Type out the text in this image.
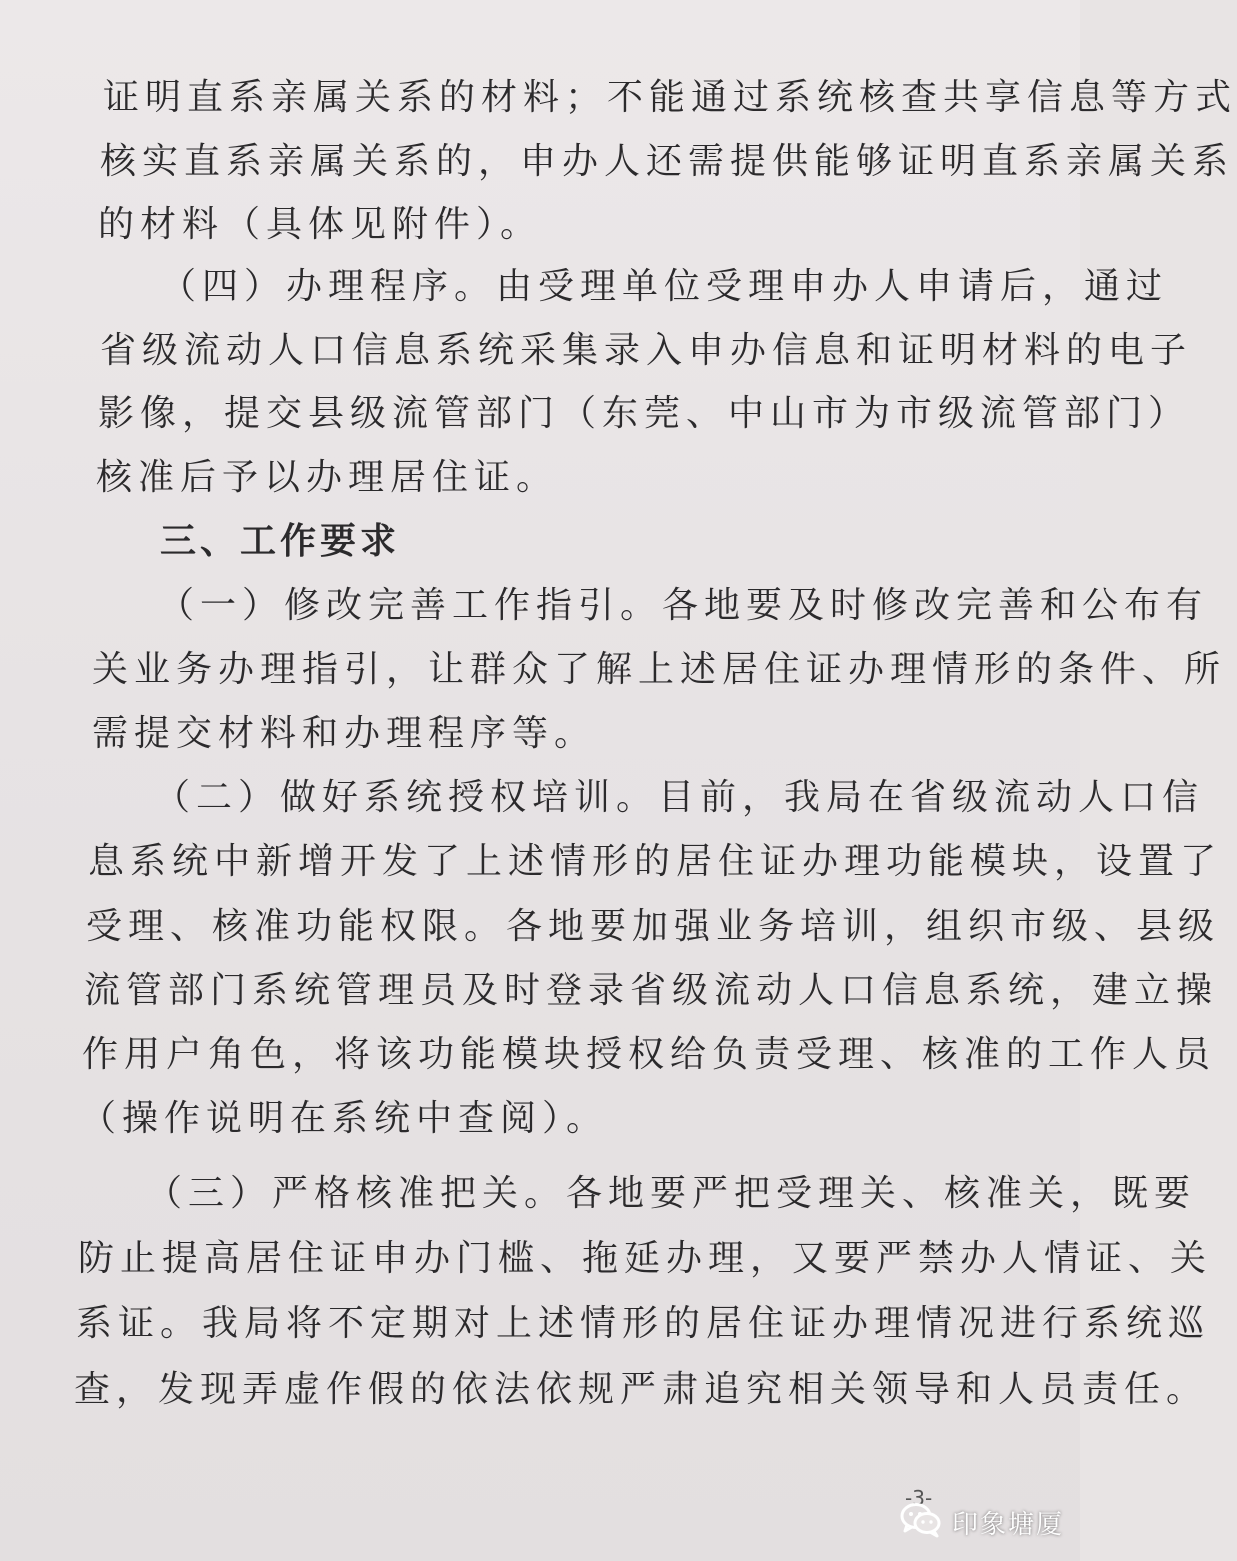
证明直系亲属关系的材料；不能通过系统核查共享信息等方式
核实直系亲属关系的，申办人还需提供能够证明直系亲属关系
的材料（具体见附件）。
（四）办理程序。由受理单位受理申办人申请后，通过
省级流动人口信息系统采集录入申办信息和证明材料的电子
影像，提交县级流管部门（东莞、中山市为市级流管部门）
核准后予以办理居住证。
三、工作要求
（一）修改完善工作指引。各地要及时修改完善和公布有
关业务办理指引，让群众了解上述居住证办理情形的条件、所
需提交材料和办理程序等。
（二）做好系统授权培训。目前，我局在省级流动人口信
息系统中新增开发了上述情形的居住证办理功能模块，设置了
受理、核准功能权限。各地要加强业务培训，组织市级、县级
流管部门系统管理员及时登录省级流动人口信息系统，建立操
作用户角色，将该功能模块授权给负责受理、核准的工作人员
（操作说明在系统中查阅）。
（三）严格核准把关。各地要严把受理关、核准关，既要
防止提高居住证申办门槛、拖延办理，又要严禁办人情证、关
系证。我局将不定期对上述情形的居住证办理情况进行系统巡
查，发现弄虚作假的依法依规严肃追究相关领导和人员责任。
-3-
印象塘厦
